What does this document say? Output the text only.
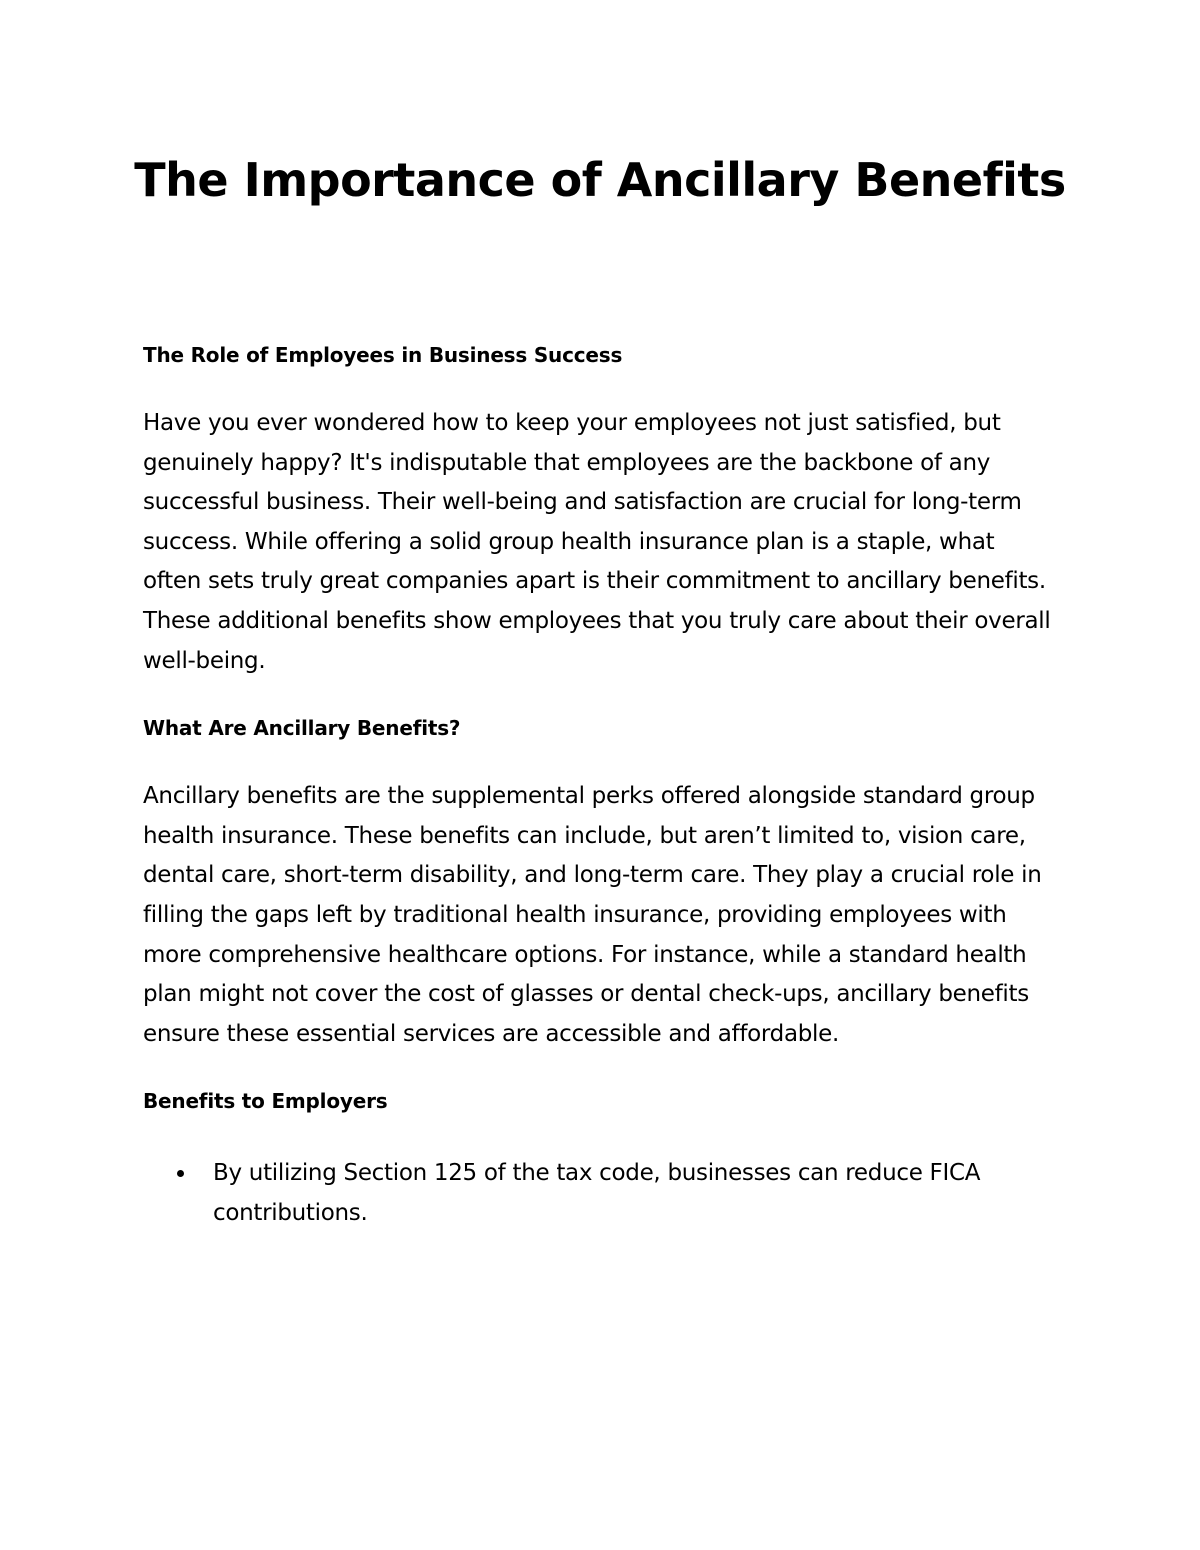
The Importance of Ancillary Benefits
The Role of Employees in Business Success

Have you ever wondered how to keep your employees not just satisfied, but genuinely happy? It's indisputable that employees are the backbone of any successful business. Their well-being and satisfaction are crucial for long-term success. While offering a solid group health insurance plan is a staple, what often sets truly great companies apart is their commitment to ancillary benefits. These additional benefits show employees that you truly care about their overall well-being.

What Are Ancillary Benefits?

Ancillary benefits are the supplemental perks offered alongside standard group health insurance. These benefits can include, but aren’t limited to, vision care, dental care, short-term disability, and long-term care. They play a crucial role in filling the gaps left by traditional health insurance, providing employees with more comprehensive healthcare options. For instance, while a standard health plan might not cover the cost of glasses or dental check-ups, ancillary benefits ensure these essential services are accessible and affordable.

Benefits to Employers
By utilizing Section 125 of the tax code, businesses can reduce FICA contributions.
